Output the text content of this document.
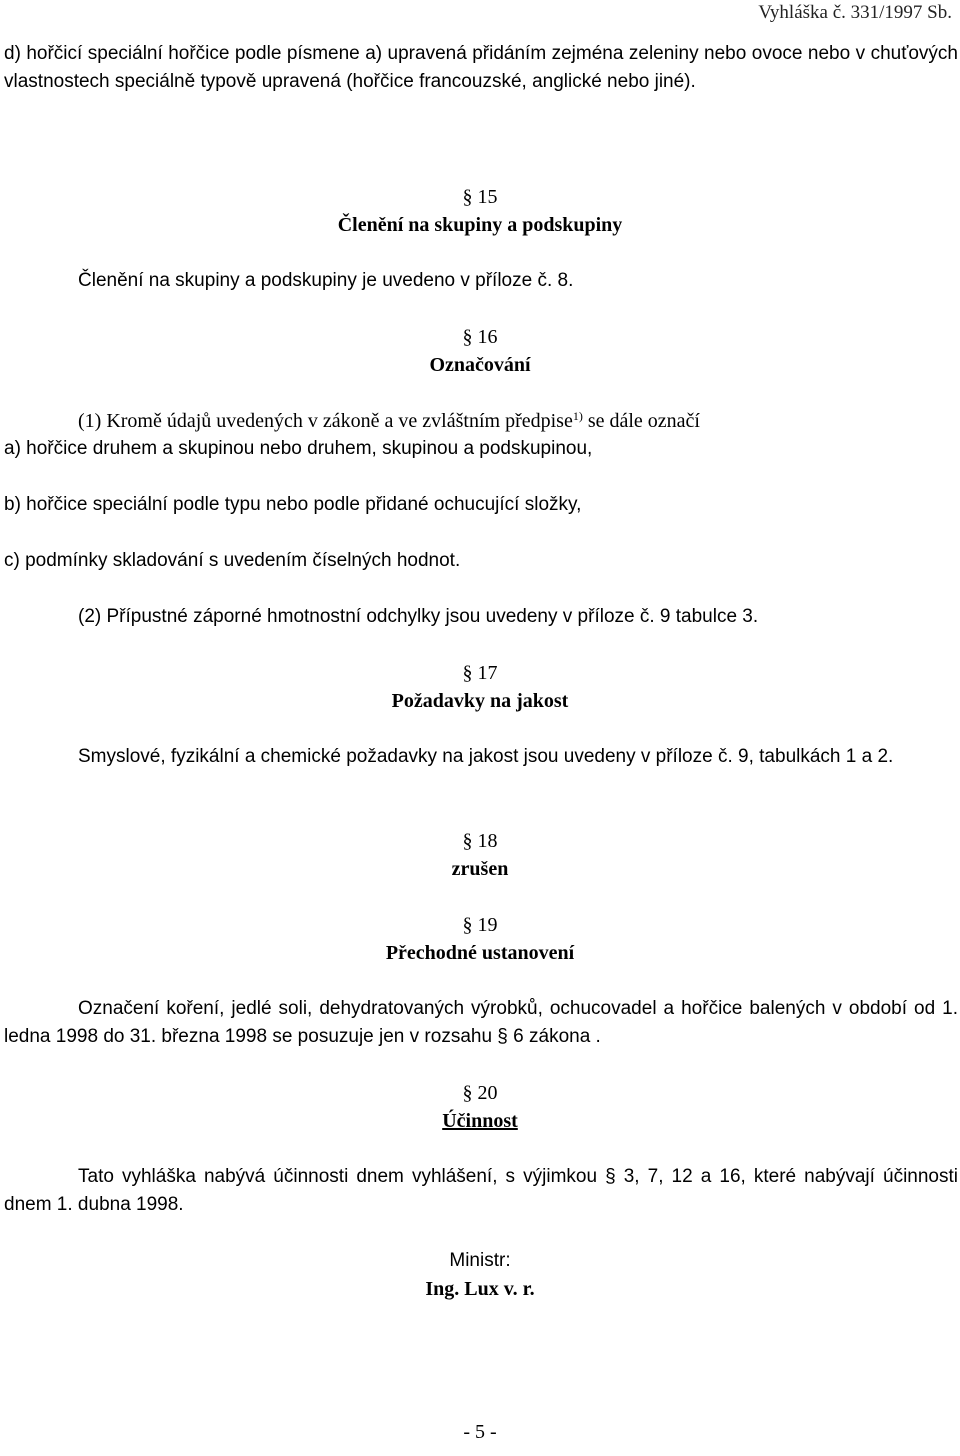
Vyhláška č. 331/1997 Sb.
d) hořčicí speciální hořčice podle písmene a) upravená přidáním zejména zeleniny nebo ovoce nebo v chuťových vlastnostech speciálně typově upravená (hořčice francouzské, anglické nebo jiné).
§ 15
Členění na skupiny a podskupiny
Členění na skupiny a podskupiny je uvedeno v příloze č. 8.
§ 16
Označování
(1) Kromě údajů uvedených v zákoně a ve zvláštním předpise$^{1)}$ se dále označí
a) hořčice druhem a skupinou nebo druhem, skupinou a podskupinou,
b) hořčice speciální podle typu nebo podle přidané ochucující složky,
c) podmínky skladování s uvedením číselných hodnot.
(2) Přípustné záporné hmotnostní odchylky jsou uvedeny v příloze č. 9 tabulce 3.
§ 17
Požadavky na jakost
Smyslové, fyzikální a chemické požadavky na jakost jsou uvedeny v příloze č. 9, tabulkách 1 a 2.
§ 18
zrušen
§ 19
Přechodné ustanovení
Označení koření, jedlé soli, dehydratovaných výrobků, ochucovadel a hořčice balených v období od 1. ledna 1998 do 31. března 1998 se posuzuje jen v rozsahu § 6 zákona .
§ 20
Účinnost
Tato vyhláška nabývá účinnosti dnem vyhlášení, s výjimkou § 3, 7, 12 a 16, které nabývají účinnosti dnem 1. dubna 1998.
Ministr:
Ing. Lux v. r.
- 5 -
